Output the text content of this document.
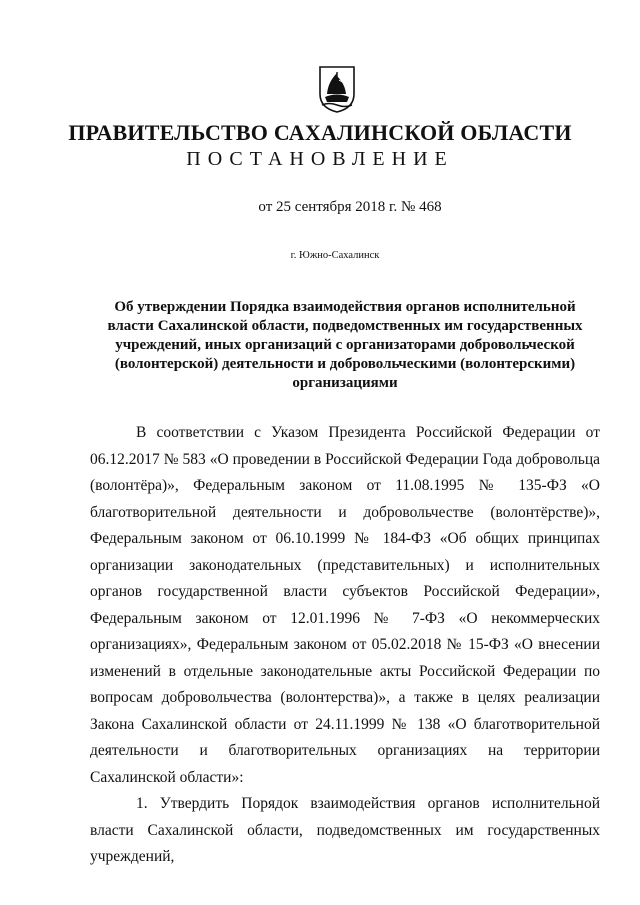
ПРАВИТЕЛЬСТВО САХАЛИНСКОЙ ОБЛАСТИ
ПОСТАНОВЛЕНИЕ
от 25 сентября 2018 г. № 468
г. Южно-Сахалинск
Об утверждении Порядка взаимодействия органов исполнительной власти Сахалинской области, подведомственных им государственных учреждений, иных организаций с организаторами добровольческой (волонтерской) деятельности и добровольческими (волонтерскими) организациями

В соответствии с Указом Президента Российской Федерации от 06.12.2017 № 583 «О проведении в Российской Федерации Года добровольца (волонтёра)», Федеральным законом от 11.08.1995 № 135-ФЗ «О благотворительной деятельности и добровольчестве (волонтёрстве)», Федеральным законом от 06.10.1999 № 184-ФЗ «Об общих принципах организации законодательных (представительных) и исполнительных органов государственной власти субъектов Российской Федерации», Федеральным законом от 12.01.1996 № 7-ФЗ «О некоммерческих организациях», Федеральным законом от 05.02.2018 № 15-ФЗ «О внесении изменений в отдельные законодательные акты Российской Федерации по вопросам добровольчества (волонтерства)», а также в целях реализации Закона Сахалинской области от 24.11.1999 № 138 «О благотворительной деятельности и благотворительных организациях на территории Сахалинской области»:

1. Утвердить Порядок взаимодействия органов исполнительной власти Сахалинской области, подведомственных им государственных учреждений,
